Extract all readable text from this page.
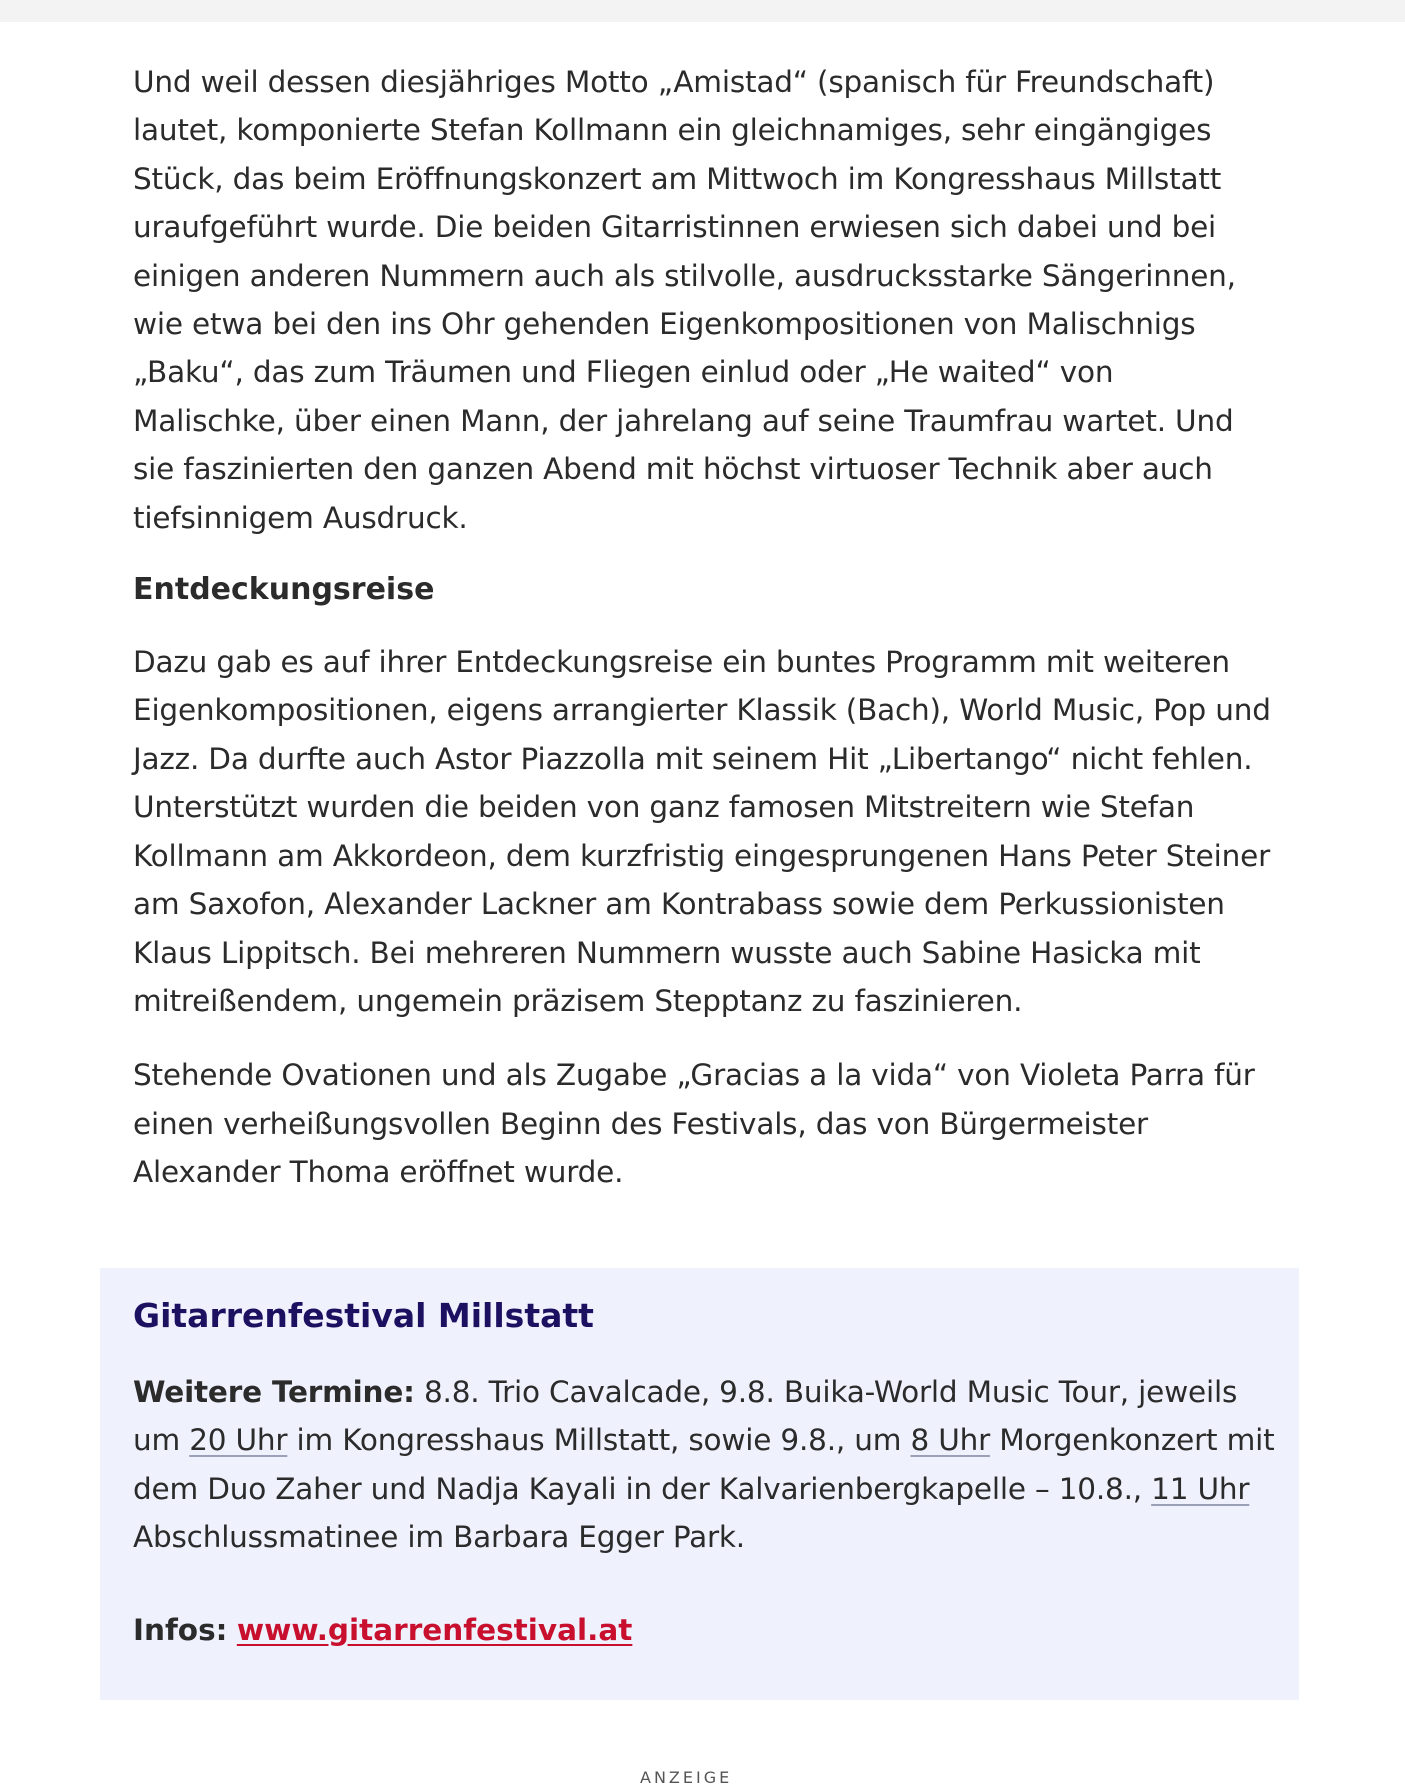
Und weil dessen diesjähriges Motto „Amistad“ (spanisch für Freundschaft) lautet, komponierte Stefan Kollmann ein gleichnamiges, sehr eingängiges Stück, das beim Eröffnungskonzert am Mittwoch im Kongresshaus Millstatt uraufgeführt wurde. Die beiden Gitarristinnen erwiesen sich dabei und bei einigen anderen Nummern auch als stilvolle, ausdrucksstarke Sängerinnen, wie etwa bei den ins Ohr gehenden Eigenkompositionen von Malischnigs „Baku“, das zum Träumen und Fliegen einlud oder „He waited“ von Malischke, über einen Mann, der jahrelang auf seine Traumfrau wartet. Und sie faszinierten den ganzen Abend mit höchst virtuoser Technik aber auch tiefsinnigem Ausdruck.

Entdeckungsreise

Dazu gab es auf ihrer Entdeckungsreise ein buntes Programm mit weiteren Eigenkompositionen, eigens arrangierter Klassik (Bach), World Music, Pop und Jazz. Da durfte auch Astor Piazzolla mit seinem Hit „Libertango“ nicht fehlen. Unterstützt wurden die beiden von ganz famosen Mitstreitern wie Stefan Kollmann am Akkordeon, dem kurzfristig eingesprungenen Hans Peter Steiner am Saxofon, Alexander Lackner am Kontrabass sowie dem Perkussionisten Klaus Lippitsch. Bei mehreren Nummern wusste auch Sabine Hasicka mit mitreißendem, ungemein präzisem Stepptanz zu faszinieren.

Stehende Ovationen und als Zugabe „Gracias a la vida“ von Violeta Parra für einen verheißungsvollen Beginn des Festivals, das von Bürgermeister Alexander Thoma eröffnet wurde.

Gitarrenfestival Millstatt

Weitere Termine: 8.8. Trio Cavalcade, 9.8. Buika-World Music Tour, jeweils um 20 Uhr im Kongresshaus Millstatt, sowie 9.8., um 8 Uhr Morgenkonzert mit dem Duo Zaher und Nadja Kayali in der Kalvarienbergkapelle – 10.8., 11 Uhr Abschlussmatinee im Barbara Egger Park.

Infos: www.gitarrenfestival.at

ANZEIGE
